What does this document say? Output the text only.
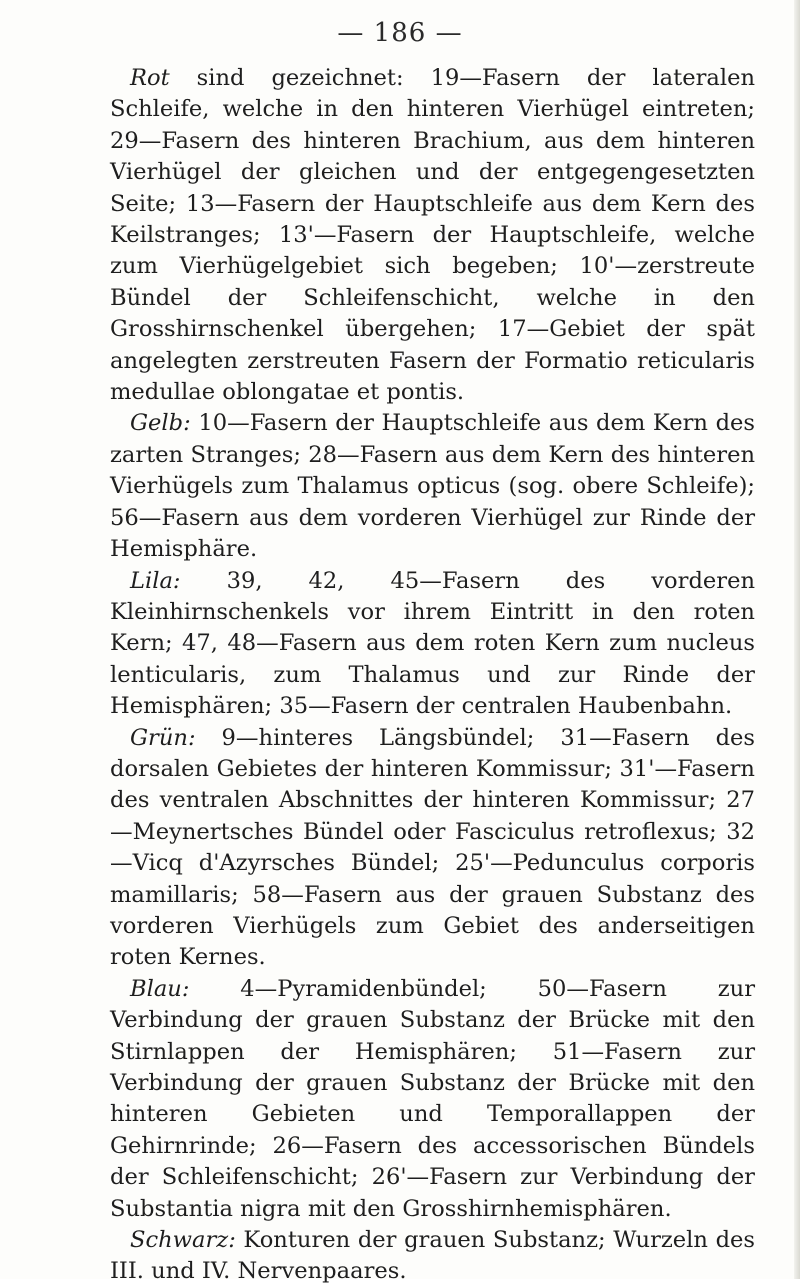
— 186 —

Rot sind gezeichnet: 19—Fasern der lateralen Schleife, welche in den hinteren Vierhügel eintreten; 29—Fasern des hinteren Brachium, aus dem hinteren Vierhügel der gleichen und der entgegengesetzten Seite; 13—Fasern der Hauptschleife aus dem Kern des Keilstranges; 13'—Fasern der Hauptschleife, welche zum Vierhügelgebiet sich begeben; 10'—zerstreute Bündel der Schleifenschicht, welche in den Grosshirnschenkel übergehen; 17—Gebiet der spät angelegten zerstreuten Fasern der Formatio reticularis medullae oblongatae et pontis.

Gelb: 10—Fasern der Hauptschleife aus dem Kern des zarten Stranges; 28—Fasern aus dem Kern des hinteren Vierhügels zum Thalamus opticus (sog. obere Schleife); 56—Fasern aus dem vorderen Vierhügel zur Rinde der Hemisphäre.

Lila: 39, 42, 45—Fasern des vorderen Kleinhirnschenkels vor ihrem Eintritt in den roten Kern; 47, 48—Fasern aus dem roten Kern zum nucleus lenticularis, zum Thalamus und zur Rinde der Hemisphären; 35—Fasern der centralen Haubenbahn.

Grün: 9—hinteres Längsbündel; 31—Fasern des dorsalen Gebietes der hinteren Kommissur; 31'—Fasern des ventralen Abschnittes der hinteren Kommissur; 27—Meynertsches Bündel oder Fasciculus retroflexus; 32—Vicq d'Azyrsches Bündel; 25'—Pedunculus corporis mamillaris; 58—Fasern aus der grauen Substanz des vorderen Vierhügels zum Gebiet des anderseitigen roten Kernes.

Blau: 4—Pyramidenbündel; 50—Fasern zur Verbindung der grauen Substanz der Brücke mit den Stirnlappen der Hemisphären; 51—Fasern zur Verbindung der grauen Substanz der Brücke mit den hinteren Gebieten und Temporallappen der Gehirnrinde; 26—Fasern des accessorischen Bündels der Schleifenschicht; 26'—Fasern zur Verbindung der Substantia nigra mit den Grosshirnhemisphären.

Schwarz: Konturen der grauen Substanz; Wurzeln des III. und IV. Nervenpaares.
